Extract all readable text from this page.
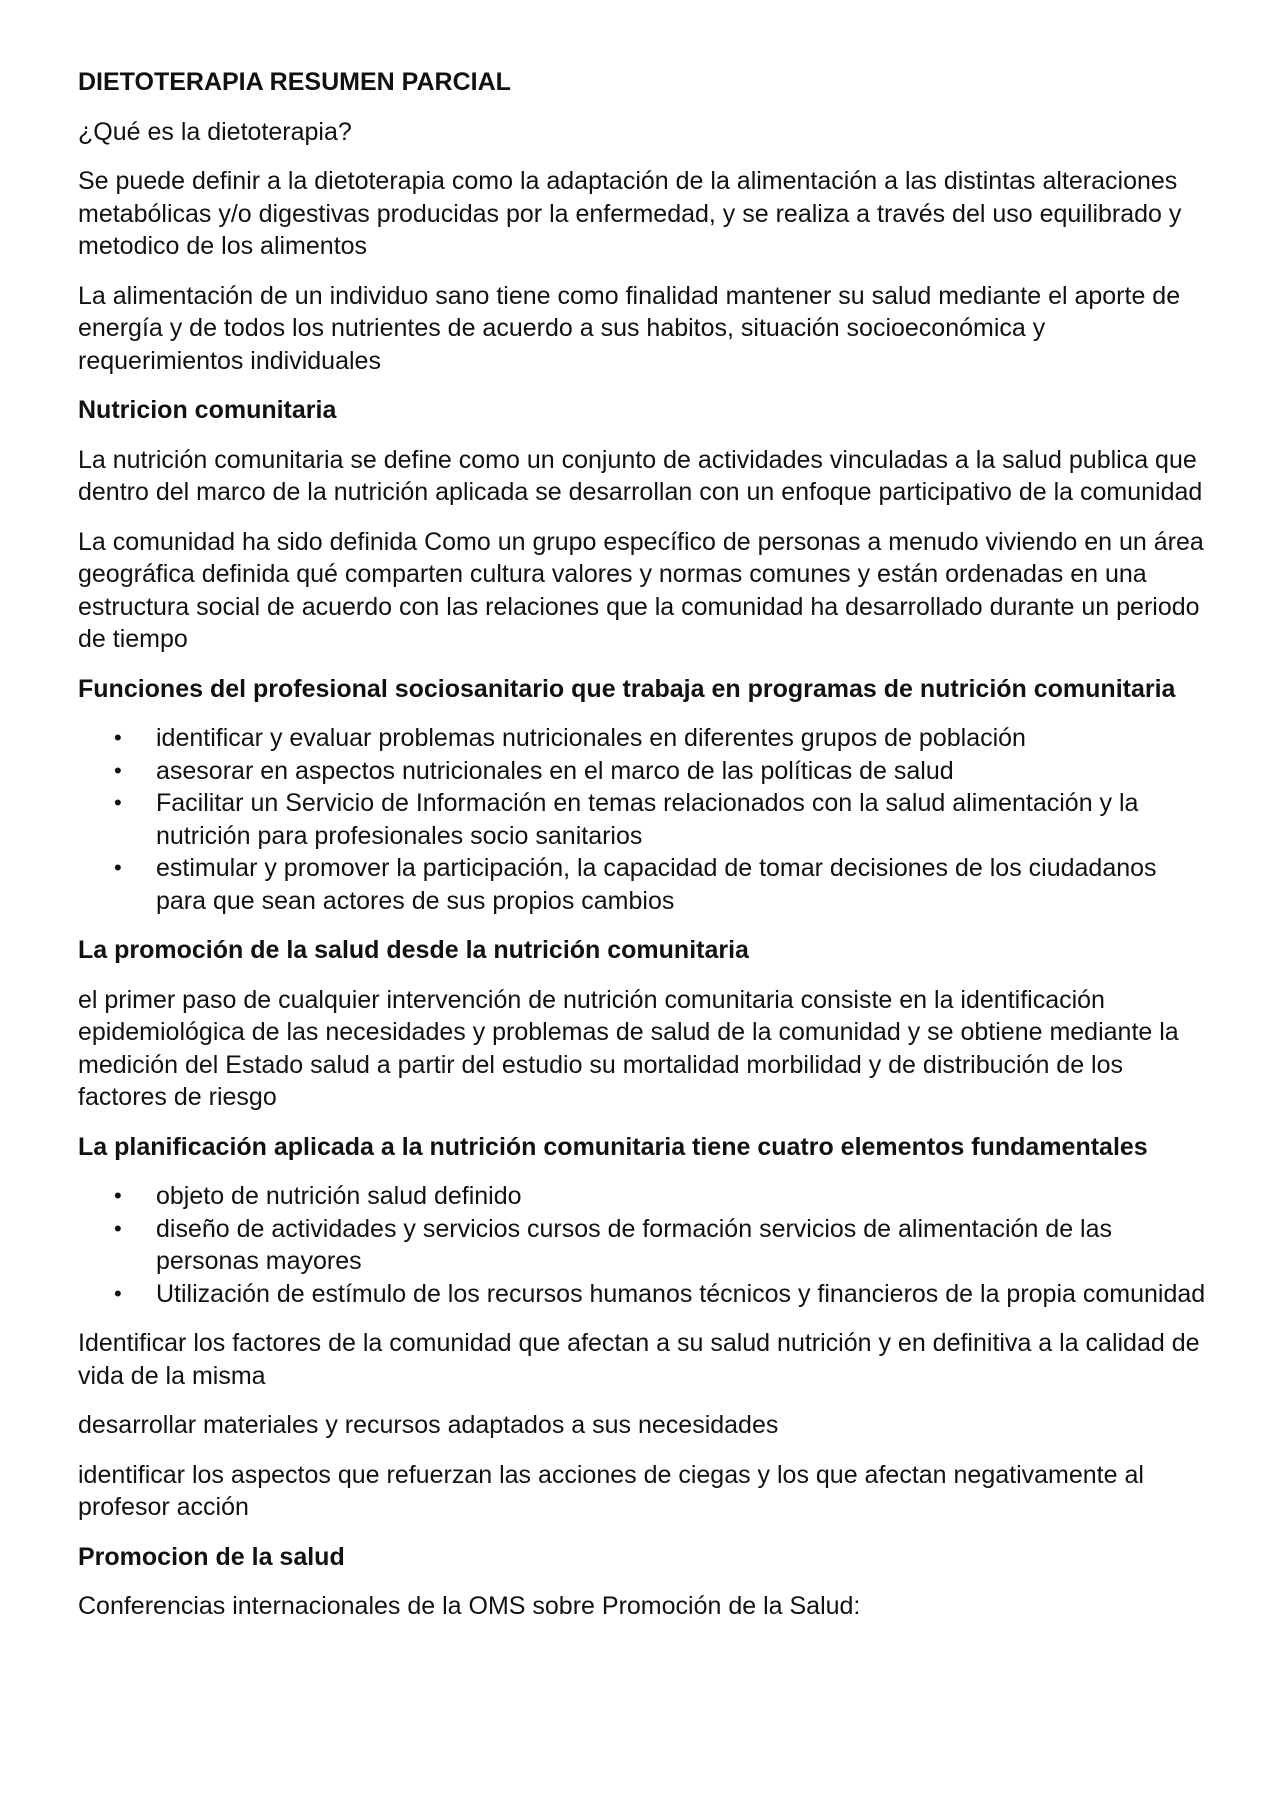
DIETOTERAPIA RESUMEN PARCIAL
¿Qué es la dietoterapia?
Se puede definir a la dietoterapia como la adaptación de la alimentación a las distintas alteraciones metabólicas y/o digestivas producidas por la enfermedad, y se realiza a través del uso equilibrado y metodico de los alimentos
La alimentación de un individuo sano tiene como finalidad mantener su salud mediante el aporte de energía y de todos los nutrientes de acuerdo a sus habitos, situación socioeconómica y requerimientos individuales
Nutricion comunitaria
La nutrición comunitaria se define como un conjunto de actividades vinculadas a la salud publica que dentro del marco de la nutrición aplicada se desarrollan con un enfoque participativo de la comunidad
La comunidad ha sido definida Como un grupo específico de personas a menudo viviendo en un área geográfica definida qué comparten cultura valores y normas comunes y están ordenadas en una estructura social de acuerdo con las relaciones que la comunidad ha desarrollado durante un periodo de tiempo
Funciones del profesional sociosanitario que trabaja en programas de nutrición comunitaria
• identificar y evaluar problemas nutricionales en diferentes grupos de población
• asesorar en aspectos nutricionales en el marco de las políticas de salud
• Facilitar un Servicio de Información en temas relacionados con la salud alimentación y la nutrición para profesionales socio sanitarios
• estimular y promover la participación, la capacidad de tomar decisiones de los ciudadanos para que sean actores de sus propios cambios
La promoción de la salud desde la nutrición comunitaria
el primer paso de cualquier intervención de nutrición comunitaria consiste en la identificación epidemiológica de las necesidades y problemas de salud de la comunidad y se obtiene mediante la medición del Estado salud a partir del estudio su mortalidad morbilidad y de distribución de los factores de riesgo
La planificación aplicada a la nutrición comunitaria tiene cuatro elementos fundamentales
• objeto de nutrición salud definido
• diseño de actividades y servicios cursos de formación servicios de alimentación de las personas mayores
• Utilización de estímulo de los recursos humanos técnicos y financieros de la propia comunidad
Identificar los factores de la comunidad que afectan a su salud nutrición y en definitiva a la calidad de vida de la misma
desarrollar materiales y recursos adaptados a sus necesidades
identificar los aspectos que refuerzan las acciones de ciegas y los que afectan negativamente al profesor acción
Promocion de la salud
Conferencias internacionales de la OMS sobre Promoción de la Salud:
